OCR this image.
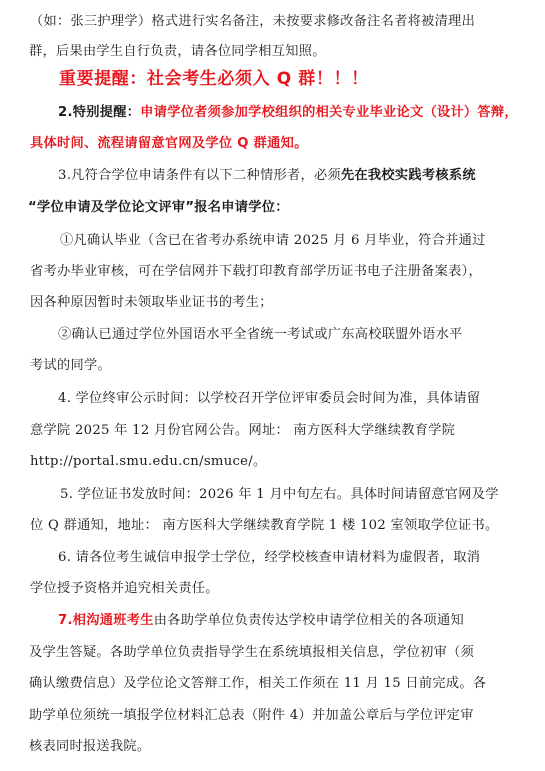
（如：张三护理学）格式进行实名备注，未按要求修改备注名者将被清理出
群，后果由学生自行负责，请各位同学相互知照。
重要提醒：社会考生必须入 Q 群！！！
2.特别提醒：申请学位者须参加学校组织的相关专业毕业论文（设计）答辩，
具体时间、流程请留意官网及学位 Q 群通知。
3.凡符合学位申请条件有以下二种情形者，必须先在我校实践考核系统
“学位申请及学位论文评审”报名申请学位：
①凡确认毕业（含已在省考办系统申请 2025 月 6 月毕业，符合并通过
省考办毕业审核，可在学信网并下载打印教育部学历证书电子注册备案表），
因各种原因暂时未领取毕业证书的考生；
②确认已通过学位外国语水平全省统一考试或广东高校联盟外语水平
考试的同学。
4. 学位终审公示时间：以学校召开学位评审委员会时间为准，具体请留
意学院 2025 年 12 月份官网公告。网址： 南方医科大学继续教育学院
http://portal.smu.edu.cn/smuce/。
5. 学位证书发放时间：2026 年 1 月中旬左右。具体时间请留意官网及学
位 Q 群通知，地址： 南方医科大学继续教育学院 1 楼 102 室领取学位证书。
6. 请各位考生诚信申报学士学位，经学校核查申请材料为虚假者，取消
学位授予资格并追究相关责任。
7.相沟通班考生由各助学单位负责传达学校申请学位相关的各项通知
及学生答疑。各助学单位负责指导学生在系统填报相关信息，学位初审（须
确认缴费信息）及学位论文答辩工作，相关工作须在 11 月 15 日前完成。各
助学单位须统一填报学位材料汇总表（附件 4）并加盖公章后与学位评定审
核表同时报送我院。
